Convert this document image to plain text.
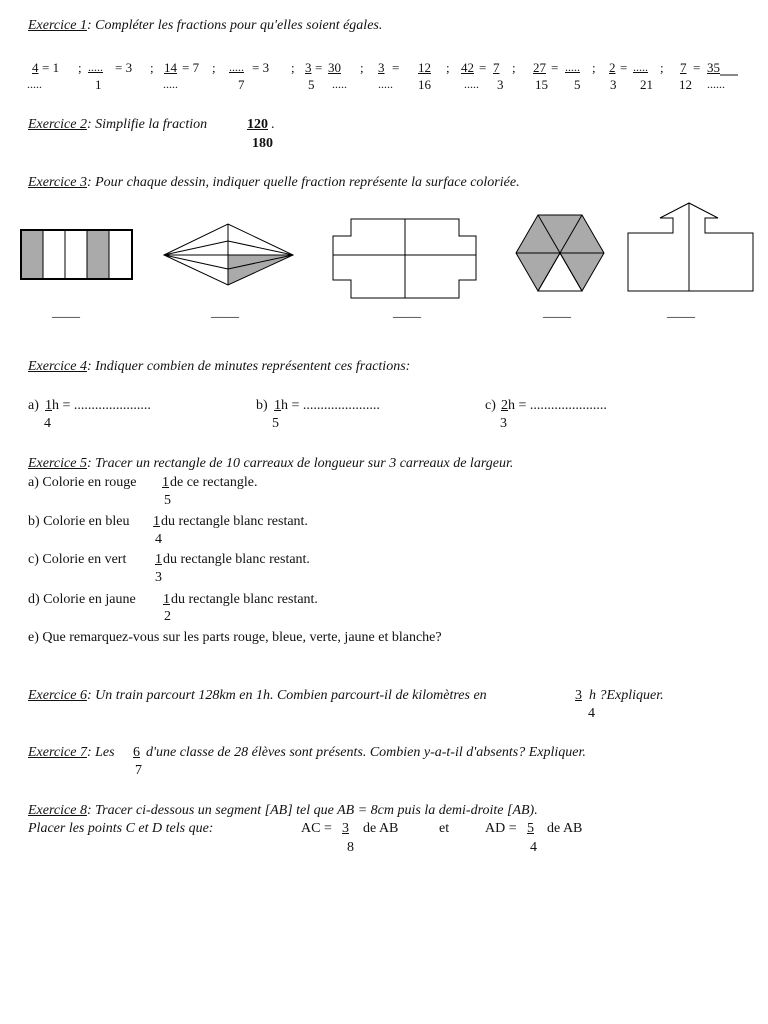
Exercice 1: Compléter les fractions pour qu'elles soient égales.
4 = 1
.....
; ..... = 3
1
; 14 = 7
.....
; ..... = 3
7
; 3 = 30
5 .....
; 3 = 12
..... 16
; 42 = 7
..... 3
; 27 = .....
15 5
; 2 = .....
3 21
; 7 = 35
12 ......
Exercice 2: Simplifie la fraction	120 .
180
Exercice 3: Pour chaque dessin, indiquer quelle fraction représente la surface coloriée.
____	____	____	____	____
Exercice 4: Indiquer combien de minutes représentent ces fractions:
a) 1 h = ......................
4
b) 1 h = ......................
5
c) 2 h = ......................
3
Exercice 5: Tracer un rectangle de 10 carreaux de longueur sur 3 carreaux de largeur.
a) Colorie en rouge 1 de ce rectangle.
5
b) Colorie en bleu 1 du rectangle blanc restant.
4
c) Colorie en vert 1 du rectangle blanc restant.
3
d) Colorie en jaune 1 du rectangle blanc restant.
2
e) Que remarquez-vous sur les parts rouge, bleue, verte, jaune et blanche?
Exercice 6: Un train parcourt 128km en 1h. Combien parcourt-il de kilomètres en	3 h ?Expliquer.
4
Exercice 7: Les 6 d'une classe de 28 élèves sont présents. Combien y-a-t-il d'absents? Expliquer.
7
Exercice 8: Tracer ci-dessous un segment [AB] tel que AB = 8cm puis la demi-droite [AB).
Placer les points C et D tels que:	AC = 3 de AB
8
et	AD = 5 de AB
4
